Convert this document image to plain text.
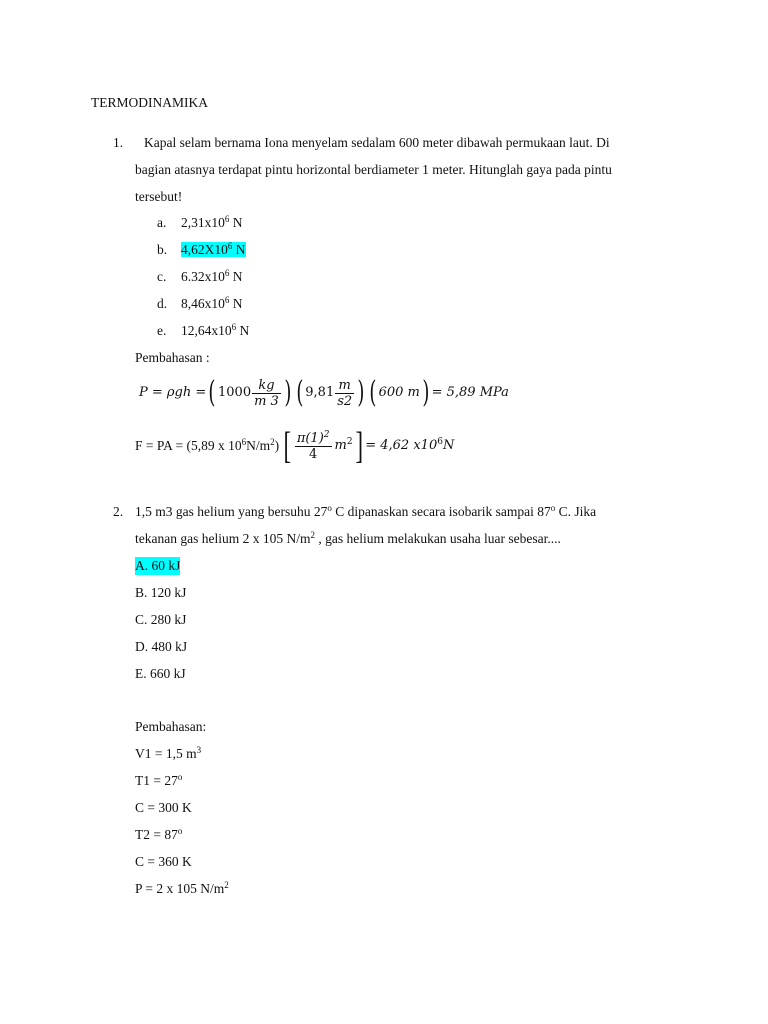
TERMODINAMIKA
1. Kapal selam bernama Iona menyelam sedalam 600 meter dibawah permukaan laut. Di
bagian atasnya terdapat pintu horizontal berdiameter 1 meter. Hitunglah gaya pada pintu
tersebut!
a.	$2,31x10^6$ N
b.	$4,62X10^6$ N
c.	$6.32x10^6$ N
d.	$8,46x10^6$ N
e.	$12,64x10^6$ N
Pembahasan :
P = ρgh = ( $1000 \frac{kg}{m 3}$ ) ( $9,81 \frac{m}{s2}$ ) ( 600 m ) = 5,89 MPa
F = PA = (5,89 x $10^6N/m^2$) [ $\frac{\pi(1)^2}{4} m^2$ ] = 4,62 $x10^6N$
2. 1,5 m3 gas helium yang bersuhu 27$^o$ C dipanaskan secara isobarik sampai 87$^o$ C. Jika
tekanan gas helium 2 x 105 $N/m^2$ , gas helium melakukan usaha luar sebesar....
A. 60 kJ
B. 120 kJ
C. 280 kJ
D. 480 kJ
E. 660 kJ
Pembahasan:
V1 = 1,5 $m^3$
$T1 = 27^o$
C = 300 K
$T2 = 87^o$
C = 360 K
P = 2 x 105 $N/m^2$
